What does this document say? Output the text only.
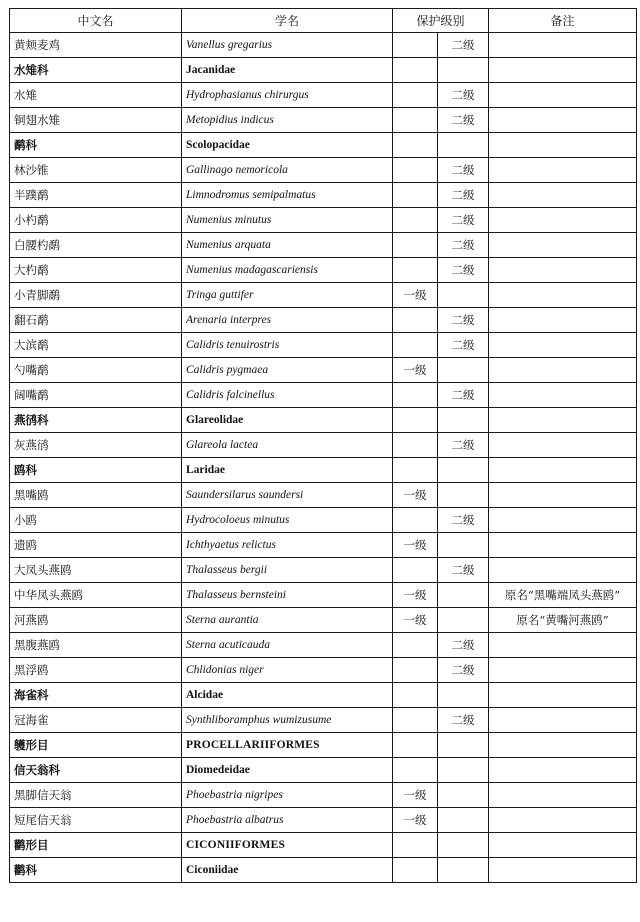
中文名	学名	保护级别		备注
黄颊麦鸡	Vanellus gregarius		二级	
水雉科	Jacanidae			
水雉	Hydrophasianus chirurgus		二级	
铜翅水雉	Metopidius indicus		二级	
鹬科	Scolopacidae			
林沙锥	Gallinago nemoricola		二级	
半蹼鹬	Limnodromus semipalmatus		二级	
小杓鹬	Numenius minutus		二级	
白腰杓鹬	Numenius arquata		二级	
大杓鹬	Numenius madagascariensis		二级	
小青脚鹬	Tringa guttifer	一级		
翻石鹬	Arenaria interpres		二级	
大滨鹬	Calidris tenuirostris		二级	
勺嘴鹬	Calidris pygmaea	一级		
阔嘴鹬	Calidris falcinellus		二级	
燕鸻科	Glareolidae			
灰燕鸻	Glareola lactea		二级	
鸥科	Laridae			
黑嘴鸥	Saundersilarus saundersi	一级		
小鸥	Hydrocoloeus minutus		二级	
遗鸥	Ichthyaetus relictus	一级		
大凤头燕鸥	Thalasseus bergii		二级	
中华凤头燕鸥	Thalasseus bernsteini	一级		原名“黑嘴端凤头燕鸥”
河燕鸥	Sterna aurantia	一级		原名“黄嘴河燕鸥”
黑腹燕鸥	Sterna acuticauda		二级	
黑浮鸥	Chlidonias niger		二级	
海雀科	Alcidae			
冠海雀	Synthliboramphus wumizusume		二级	
鹱形目	PROCELLARIIFORMES			
信天翁科	Diomedeidae			
黑脚信天翁	Phoebastria nigripes	一级		
短尾信天翁	Phoebastria albatrus	一级		
鹳形目	CICONIIFORMES			
鹳科	Ciconiidae			
